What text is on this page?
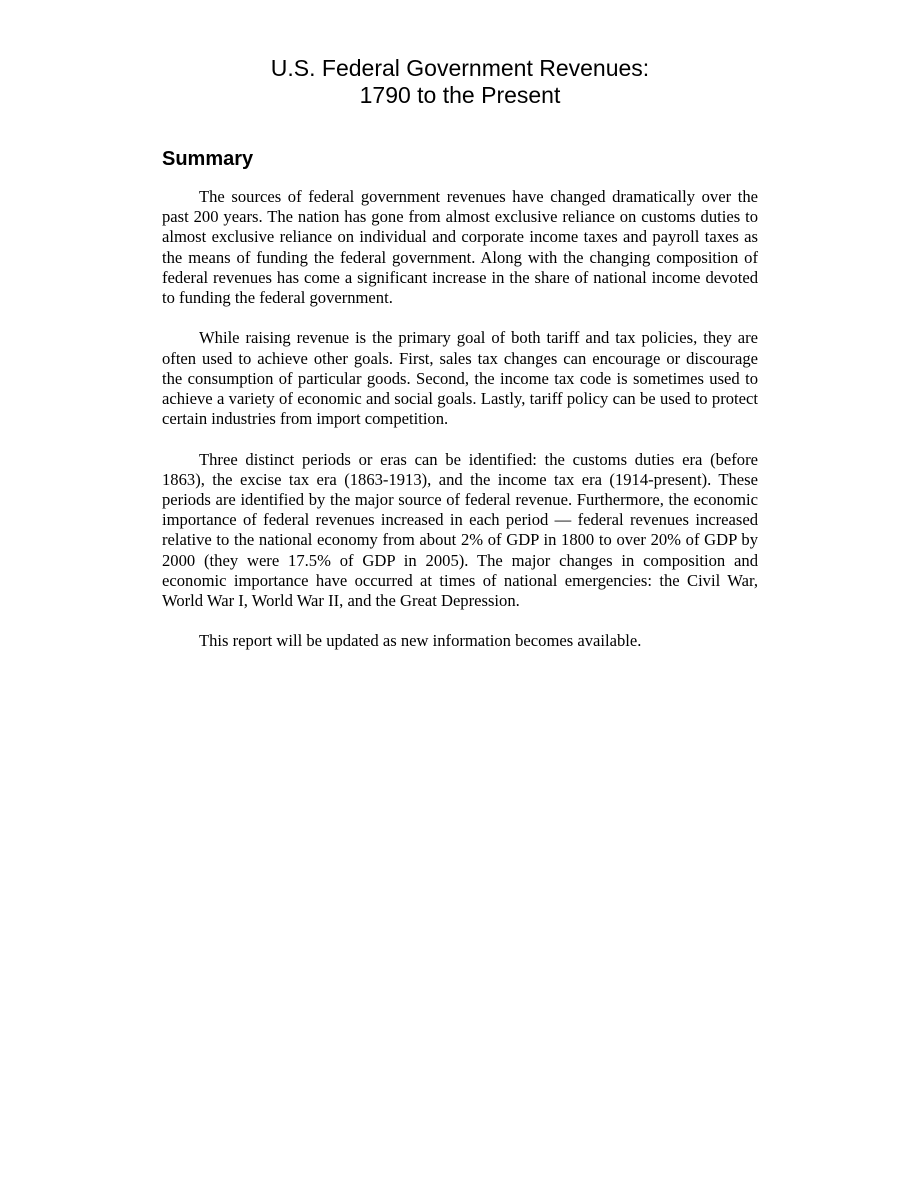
U.S. Federal Government Revenues:
1790 to the Present
Summary

The sources of federal government revenues have changed dramatically over the past 200 years. The nation has gone from almost exclusive reliance on customs duties to almost exclusive reliance on individual and corporate income taxes and payroll taxes as the means of funding the federal government. Along with the changing composition of federal revenues has come a significant increase in the share of national income devoted to funding the federal government.

While raising revenue is the primary goal of both tariff and tax policies, they are often used to achieve other goals. First, sales tax changes can encourage or discourage the consumption of particular goods. Second, the income tax code is sometimes used to achieve a variety of economic and social goals. Lastly, tariff policy can be used to protect certain industries from import competition.

Three distinct periods or eras can be identified: the customs duties era (before 1863), the excise tax era (1863-1913), and the income tax era (1914-present). These periods are identified by the major source of federal revenue. Furthermore, the economic importance of federal revenues increased in each period — federal revenues increased relative to the national economy from about 2% of GDP in 1800 to over 20% of GDP by 2000 (they were 17.5% of GDP in 2005). The major changes in composition and economic importance have occurred at times of national emergencies: the Civil War, World War I, World War II, and the Great Depression.

This report will be updated as new information becomes available.
